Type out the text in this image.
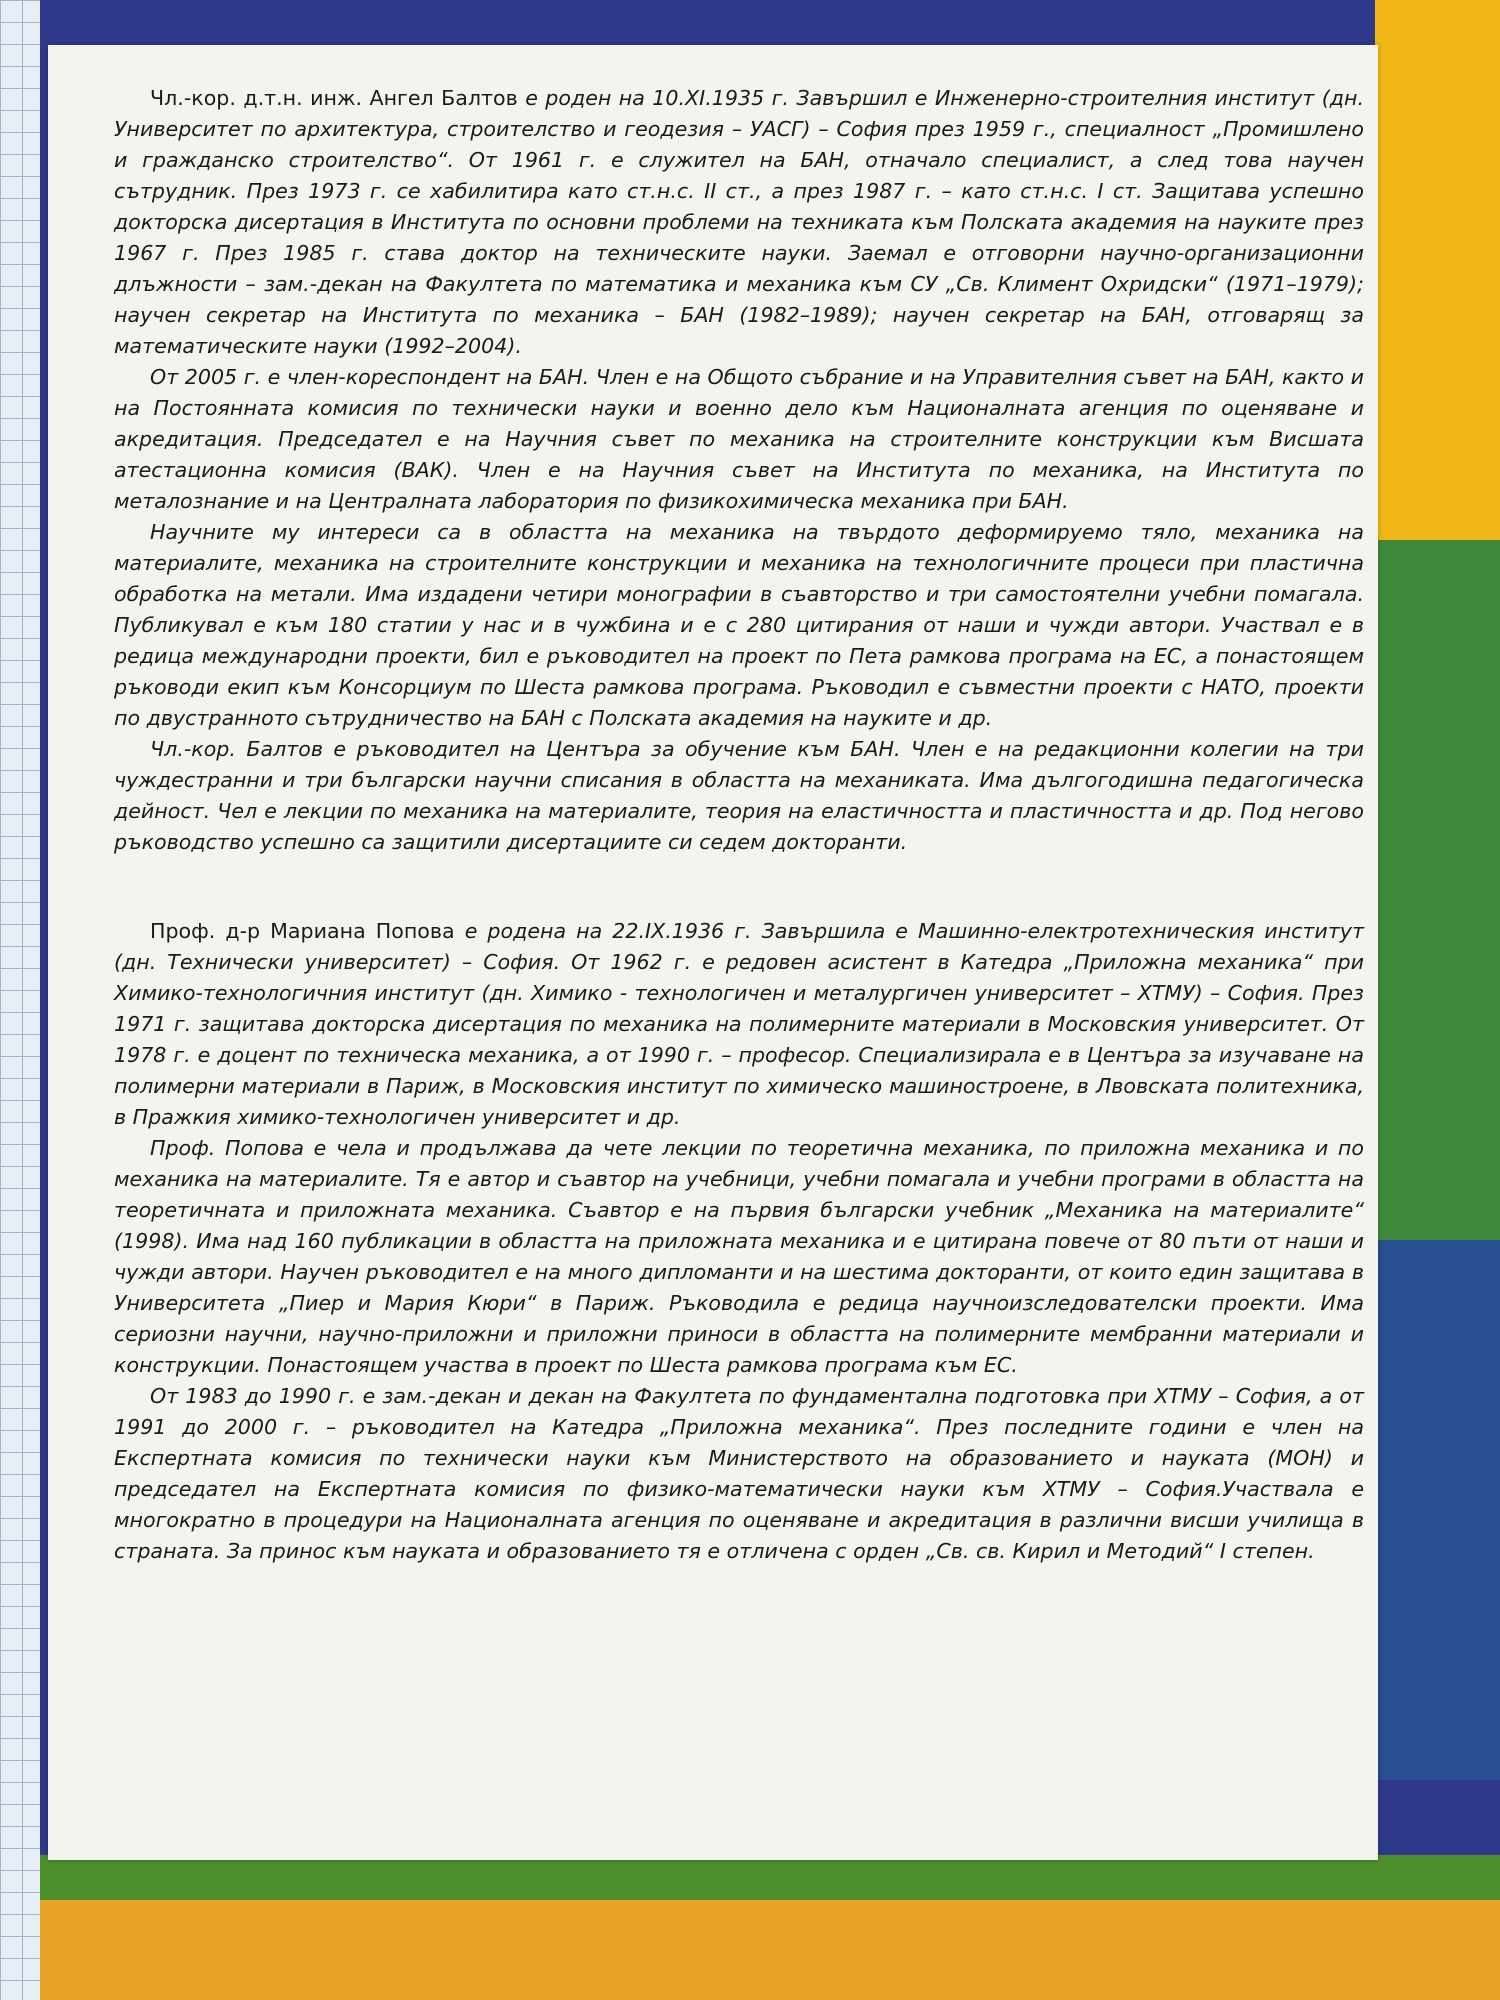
Чл.-кор. д.т.н. инж. Ангел Балтов е роден на 10.XI.1935 г. Завършил е Инженерно-строителния институт (дн. Университет по архитектура, строителство и геодезия – УАСГ) – София през 1959 г., специалност „Промишлено и гражданско строителство“. От 1961 г. е служител на БАН, отначало специалист, а след това научен сътрудник. През 1973 г. се хабилитира като ст.н.с. II ст., а през 1987 г. – като ст.н.с. I ст. Защитава успешно докторска дисертация в Института по основни проблеми на техниката към Полската академия на науките през 1967 г. През 1985 г. става доктор на техническите науки. Заемал е отговорни научно-организационни длъжности – зам.-декан на Факултета по математика и механика към СУ „Св. Климент Охридски“ (1971–1979); научен секретар на Института по механика – БАН (1982–1989); научен секретар на БАН, отговарящ за математическите науки (1992–2004).

От 2005 г. е член-кореспондент на БАН. Член е на Общото събрание и на Управителния съвет на БАН, както и на Постоянната комисия по технически науки и военно дело към Националната агенция по оценяване и акредитация. Председател е на Научния съвет по механика на строителните конструкции към Висшата атестационна комисия (ВАК). Член е на Научния съвет на Института по механика, на Института по металознание и на Централната лаборатория по физикохимическа механика при БАН.

Научните му интереси са в областта на механика на твърдото деформируемо тяло, механика на материалите, механика на строителните конструкции и механика на технологичните процеси при пластична обработка на метали. Има издадени четири монографии в съавторство и три самостоятелни учебни помагала. Публикувал е към 180 статии у нас и в чужбина и е с 280 цитирания от наши и чужди автори. Участвал е в редица международни проекти, бил е ръководител на проект по Пета рамкова програма на ЕС, а понастоящем ръководи екип към Консорциум по Шеста рамкова програма. Ръководил е съвместни проекти с НАТО, проекти по двустранното сътрудничество на БАН с Полската академия на науките и др.

Чл.-кор. Балтов е ръководител на Центъра за обучение към БАН. Член е на редакционни колегии на три чуждестранни и три български научни списания в областта на механиката. Има дългогодишна педагогическа дейност. Чел е лекции по механика на материалите, теория на еластичността и пластичността и др. Под негово ръководство успешно са защитили дисертациите си седем докторанти.

Проф. д-р Мариана Попова е родена на 22.IX.1936 г. Завършила е Машинно-електротехническия институт (дн. Технически университет) – София. От 1962 г. е редовен асистент в Катедра „Приложна механика“ при Химико-технологичния институт (дн. Химико - технологичен и металургичен университет – ХТМУ) – София. През 1971 г. защитава докторска дисертация по механика на полимерните материали в Московския университет. От 1978 г. е доцент по техническа механика, а от 1990 г. – професор. Специализирала е в Центъра за изучаване на полимерни материали в Париж, в Московския институт по химическо машиностроене, в Лвовската политехника, в Пражкия химико-технологичен университет и др.

Проф. Попова е чела и продължава да чете лекции по теоретична механика, по приложна механика и по механика на материалите. Тя е автор и съавтор на учебници, учебни помагала и учебни програми в областта на теоретичната и приложната механика. Съавтор е на първия български учебник „Механика на материалите“ (1998). Има над 160 публикации в областта на приложната механика и е цитирана повече от 80 пъти от наши и чужди автори. Научен ръководител е на много дипломанти и на шестима докторанти, от които един защитава в Университета „Пиер и Мария Кюри“ в Париж. Ръководила е редица научноизследователски проекти. Има сериозни научни, научно-приложни и приложни приноси в областта на полимерните мембранни материали и конструкции. Понастоящем участва в проект по Шеста рамкова програма към ЕС.

От 1983 до 1990 г. е зам.-декан и декан на Факултета по фундаментална подготовка при ХТМУ – София, а от 1991 до 2000 г. – ръководител на Катедра „Приложна механика“. През последните години е член на Експертната комисия по технически науки към Министерството на образованието и науката (МОН) и председател на Експертната комисия по физико-математически науки към ХТМУ – София.Участвала е многократно в процедури на Националната агенция по оценяване и акредитация в различни висши училища в страната. За принос към науката и образованието тя е отличена с орден „Св. св. Кирил и Методий“ I степен.
